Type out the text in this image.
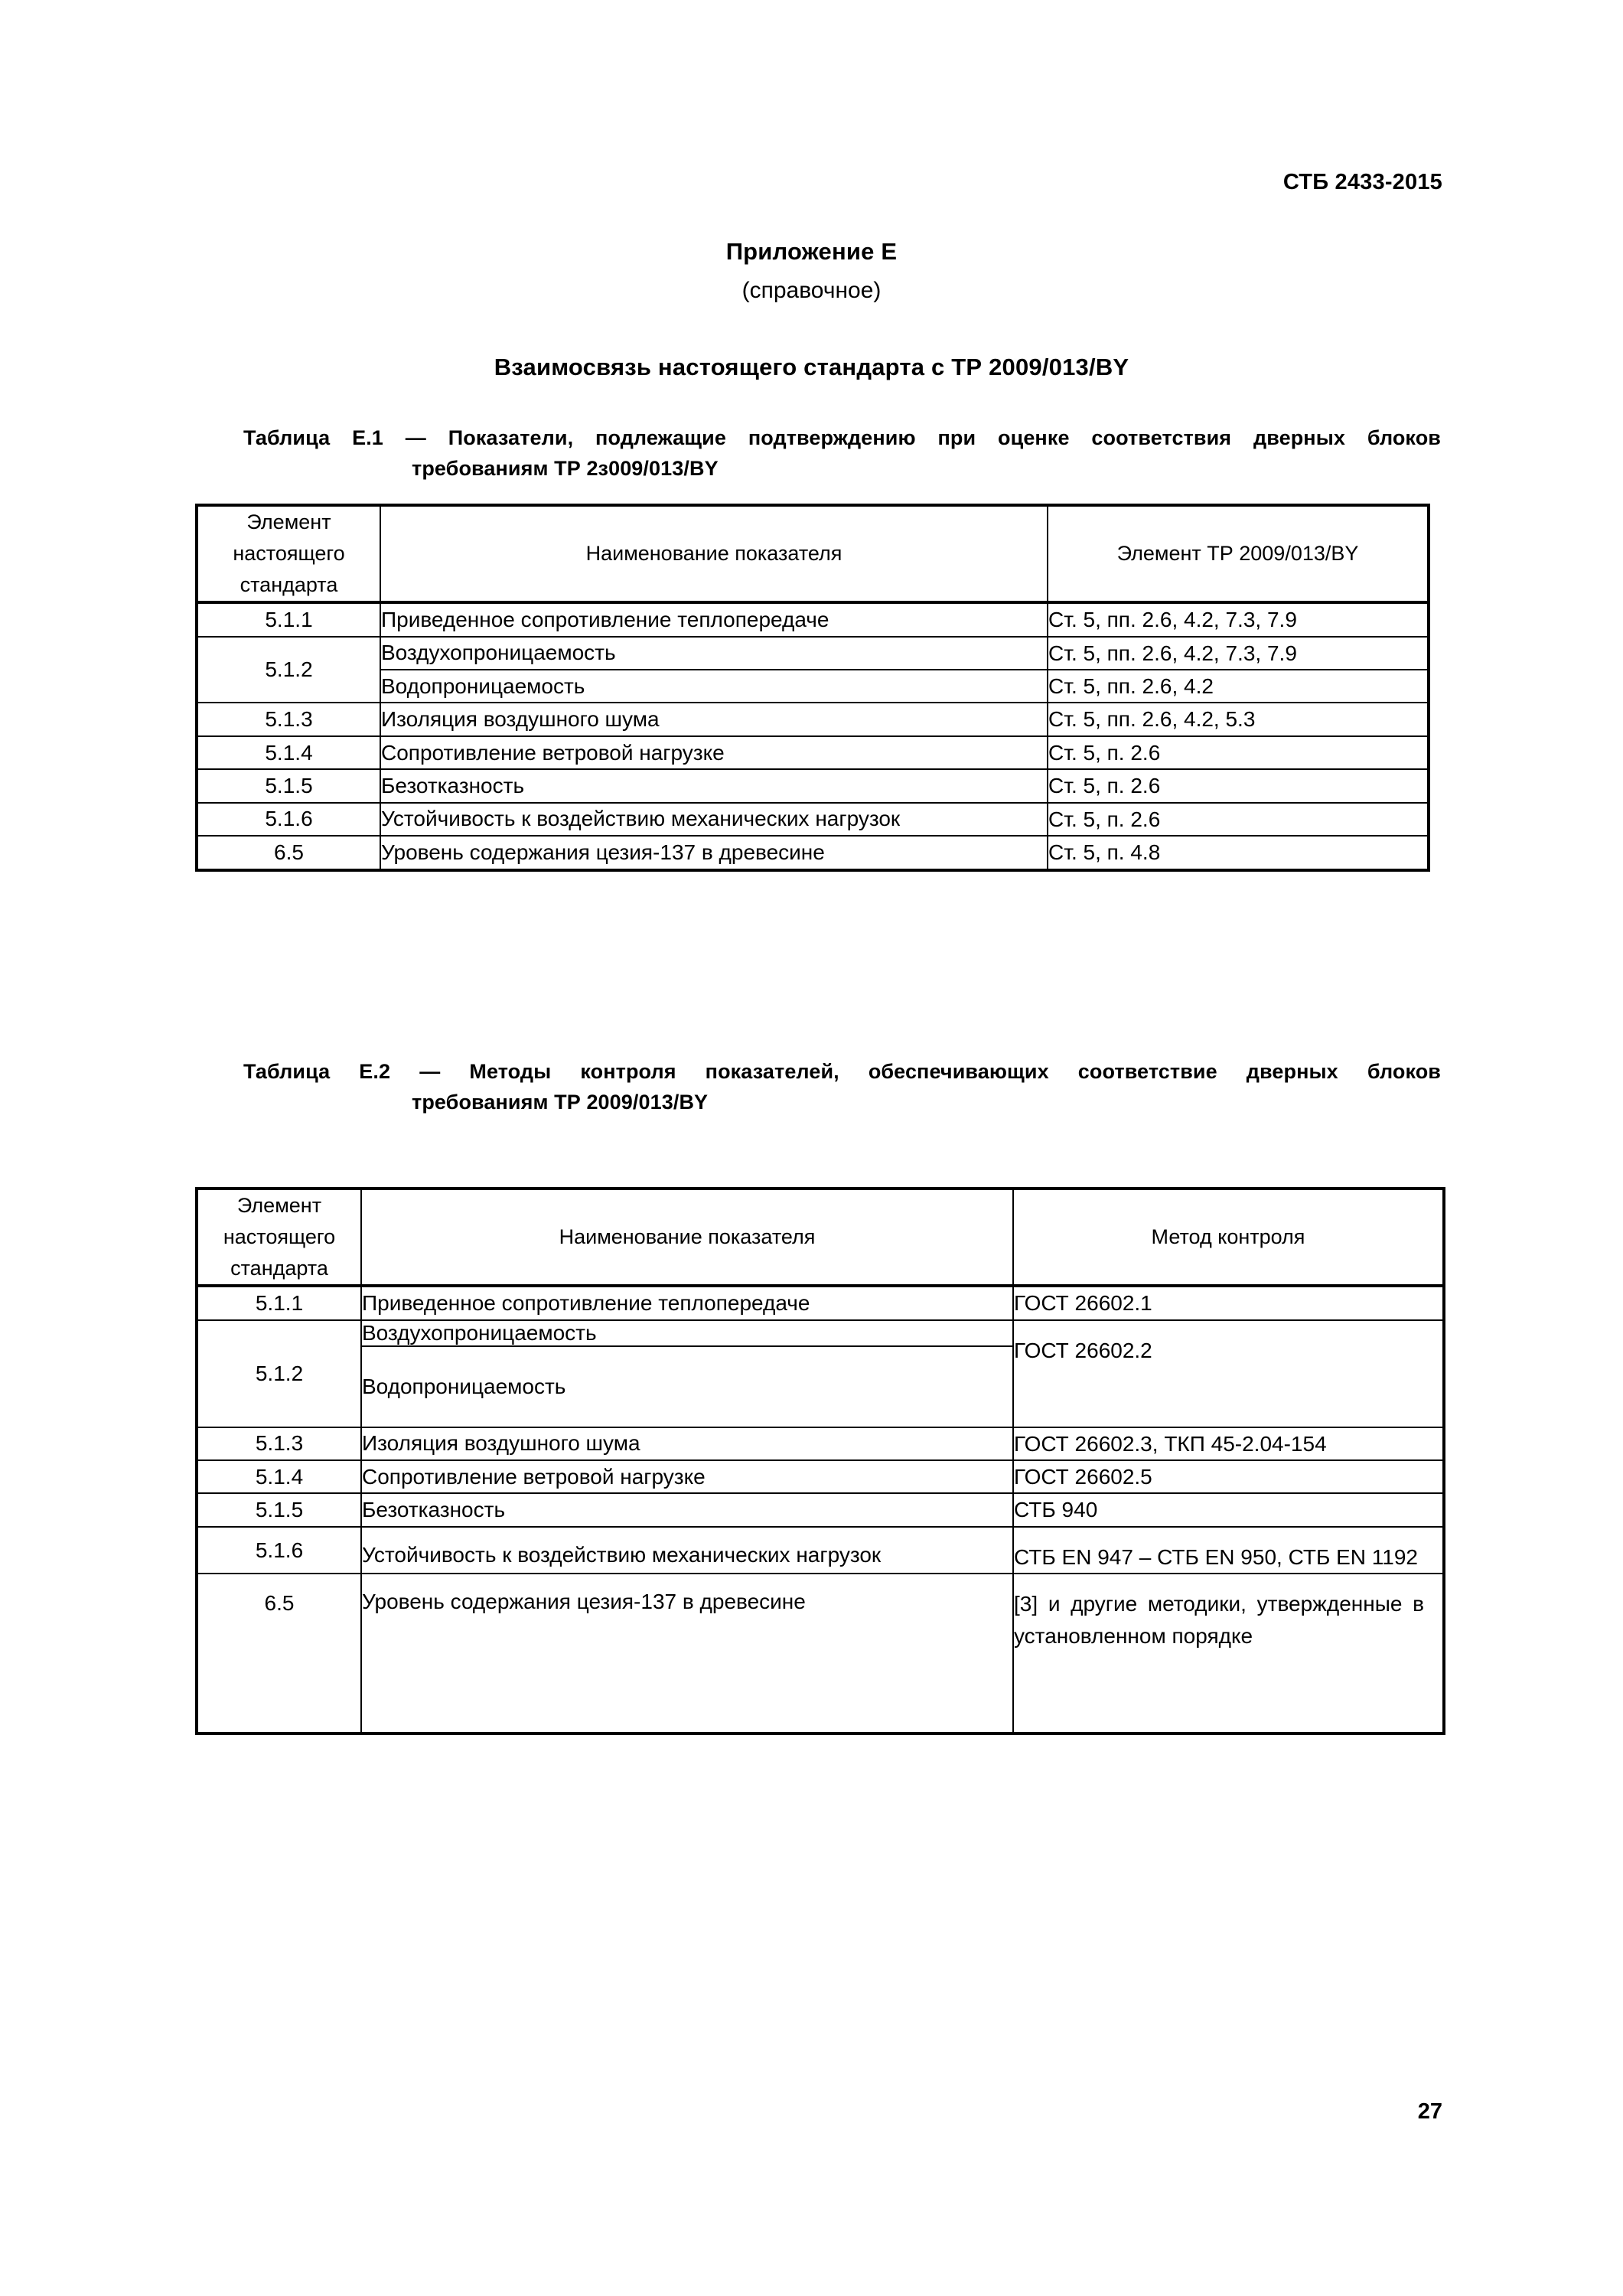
СТБ 2433-2015
Приложение Е
(справочное)
Взаимосвязь настоящего стандарта с ТР 2009/013/BY
Таблица Е.1 — Показатели, подлежащие подтверждению при оценке соответствия дверных блоков
требованиям ТР 2з009/013/BY
Элемент
настоящего
стандарта	Наименование показателя	Элемент ТР 2009/013/BY
5.1.1	Приведенное сопротивление теплопередаче	Ст. 5, пп. 2.6, 4.2, 7.3, 7.9
5.1.2	Воздухопроницаемость	Ст. 5, пп. 2.6, 4.2, 7.3, 7.9
	Водопроницаемость	Ст. 5, пп. 2.6, 4.2
5.1.3	Изоляция воздушного шума	Ст. 5, пп. 2.6, 4.2, 5.3
5.1.4	Сопротивление ветровой нагрузке	Ст. 5, п. 2.6
5.1.5	Безотказность	Ст. 5, п. 2.6
5.1.6	Устойчивость к воздействию механических нагрузок	Ст. 5, п. 2.6
6.5	Уровень содержания цезия-137 в древесине	Ст. 5, п. 4.8
Таблица Е.2 — Методы контроля показателей, обеспечивающих соответствие дверных блоков
требованиям ТР 2009/013/BY
Элемент
настоящего
стандарта	Наименование показателя	Метод контроля
5.1.1	Приведенное сопротивление теплопередаче	ГОСТ 26602.1
5.1.2	Воздухопроницаемость	ГОСТ 26602.2
	Водопроницаемость	
5.1.3	Изоляция воздушного шума	ГОСТ 26602.3, ТКП 45-2.04-154
5.1.4	Сопротивление ветровой нагрузке	ГОСТ 26602.5
5.1.5	Безотказность	СТБ 940
5.1.6	Устойчивость к воздействию механических нагрузок	СТБ EN 947 – СТБ EN 950, СТБ EN 1192
6.5	Уровень содержания цезия-137 в древесине	[3] и другие методики, утвержденные в установленном порядке
27
